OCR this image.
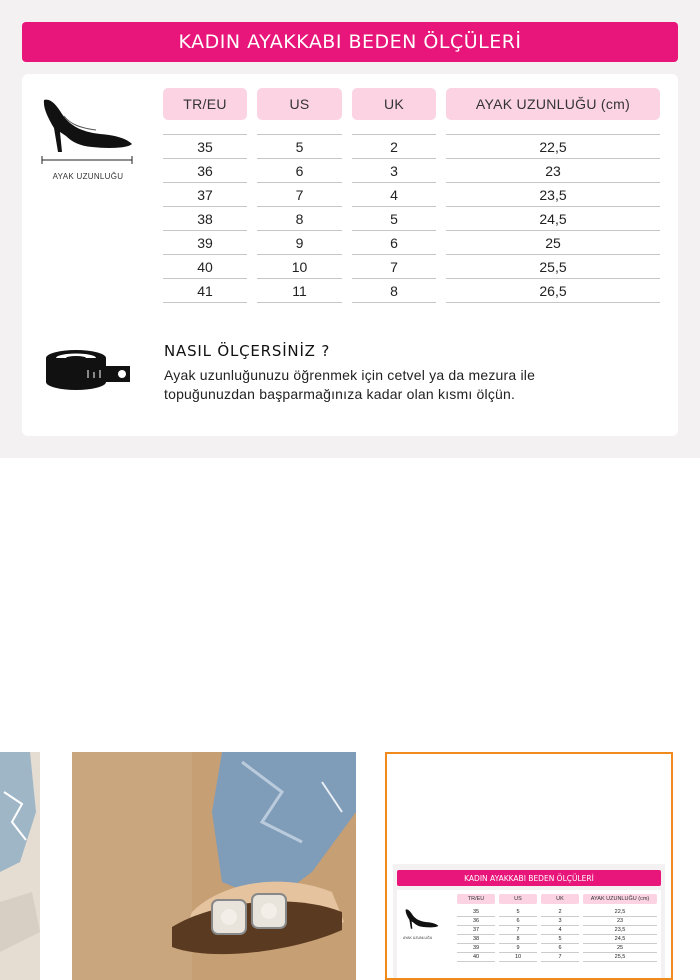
KADIN AYAKKABI BEDEN ÖLÇÜLERİ
AYAK UZUNLUĞU
TR/EU	US	UK	AYAK UZUNLUĞU (cm)
35	5	2	22,5
36	6	3	23
37	7	4	23,5
38	8	5	24,5
39	9	6	25
40	10	7	25,5
41	11	8	26,5
NASIL ÖLÇERSİNİZ ?
Ayak uzunluğunuzu öğrenmek için cetvel ya da mezura ile
topuğunuzdan başparmağınıza kadar olan kısmı ölçün.
KADIN AYAKKABI BEDEN ÖLÇÜLERİ
AYAK UZUNLUĞU
TR/EU	US	UK	AYAK UZUNLUĞU (cm)
35	5	2	22,5
36	6	3	23
37	7	4	23,5
38	8	5	24,5
39	9	6	25
40	10	7	25,5
